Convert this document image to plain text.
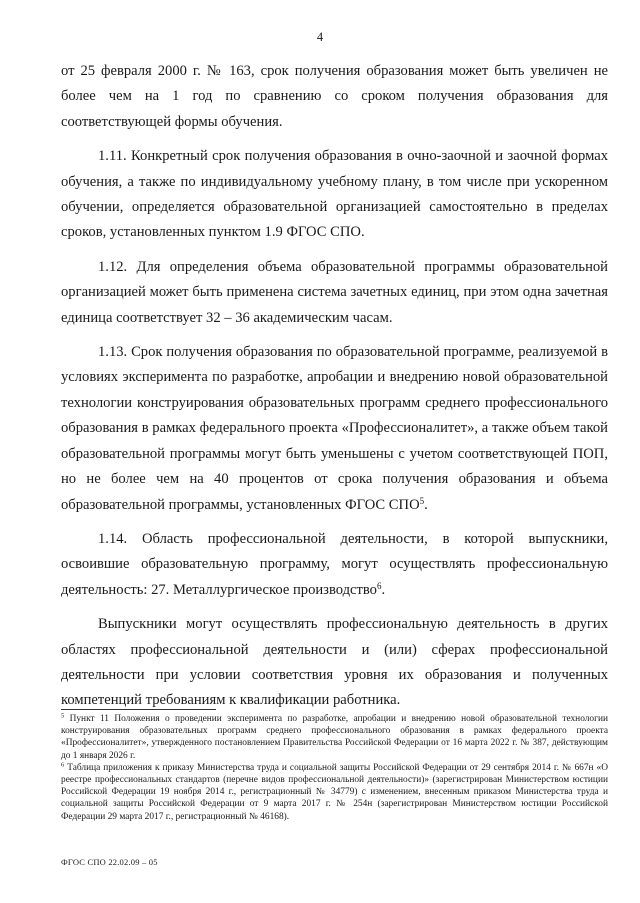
4

от 25 февраля 2000 г. № 163, срок получения образования может быть увеличен не более чем на 1 год по сравнению со сроком получения образования для соответствующей формы обучения.

1.11. Конкретный срок получения образования в очно-заочной и заочной формах обучения, а также по индивидуальному учебному плану, в том числе при ускоренном обучении, определяется образовательной организацией самостоятельно в пределах сроков, установленных пунктом 1.9 ФГОС СПО.

1.12. Для определения объема образовательной программы образовательной организацией может быть применена система зачетных единиц, при этом одна зачетная единица соответствует 32 – 36 академическим часам.

1.13. Срок получения образования по образовательной программе, реализуемой в условиях эксперимента по разработке, апробации и внедрению новой образовательной технологии конструирования образовательных программ среднего профессионального образования в рамках федерального проекта «Профессионалитет», а также объем такой образовательной программы могут быть уменьшены с учетом соответствующей ПОП, но не более чем на 40 процентов от срока получения образования и объема образовательной программы, установленных ФГОС СПО$^5$.

1.14. Область профессиональной деятельности, в которой выпускники, освоившие образовательную программу, могут осуществлять профессиональную деятельность: 27. Металлургическое производство$^6$.

Выпускники могут осуществлять профессиональную деятельность в других областях профессиональной деятельности и (или) сферах профессиональной деятельности при условии соответствия уровня их образования и полученных компетенций требованиям к квалификации работника.

$^5$ Пункт 11 Положения о проведении эксперимента по разработке, апробации и внедрению новой образовательной технологии конструирования образовательных программ среднего профессионального образования в рамках федерального проекта «Профессионалитет», утвержденного постановлением Правительства Российской Федерации от 16 марта 2022 г. № 387, действующим до 1 января 2026 г.

$^6$ Таблица приложения к приказу Министерства труда и социальной защиты Российской Федерации от 29 сентября 2014 г. № 667н «О реестре профессиональных стандартов (перечне видов профессиональной деятельности)» (зарегистрирован Министерством юстиции Российской Федерации 19 ноября 2014 г., регистрационный № 34779) с изменением, внесенным приказом Министерства труда и социальной защиты Российской Федерации от 9 марта 2017 г. № 254н (зарегистрирован Министерством юстиции Российской Федерации 29 марта 2017 г., регистрационный № 46168).

ФГОС СПО 22.02.09 – 05
